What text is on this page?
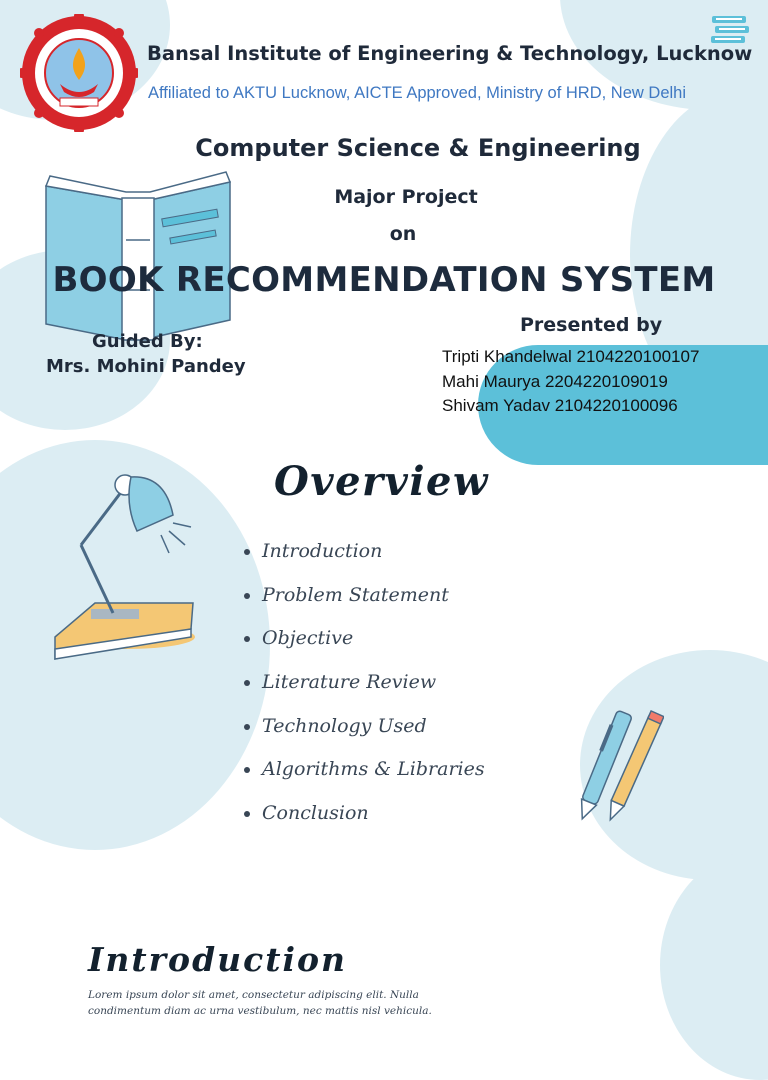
Bansal Institute of Engineering & Technology, Lucknow
Affiliated to AKTU Lucknow, AICTE Approved, Ministry of HRD, New Delhi
Computer Science & Engineering
Major Project
on
BOOK RECOMMENDATION SYSTEM
Guided By:
Mrs. Mohini Pandey
Presented by
Tripti Khandelwal 2104220100107
Mahi Maurya 2204220109019
Shivam Yadav 2104220100096
Overview
Introduction
Problem Statement
Objective
Literature Review
Technology Used
Algorithms & Libraries
Conclusion
Introduction
Lorem ipsum dolor sit amet, consectetur adipiscing elit. Nulla condimentum diam ac urna vestibulum, nec mattis nisl vehicula.
